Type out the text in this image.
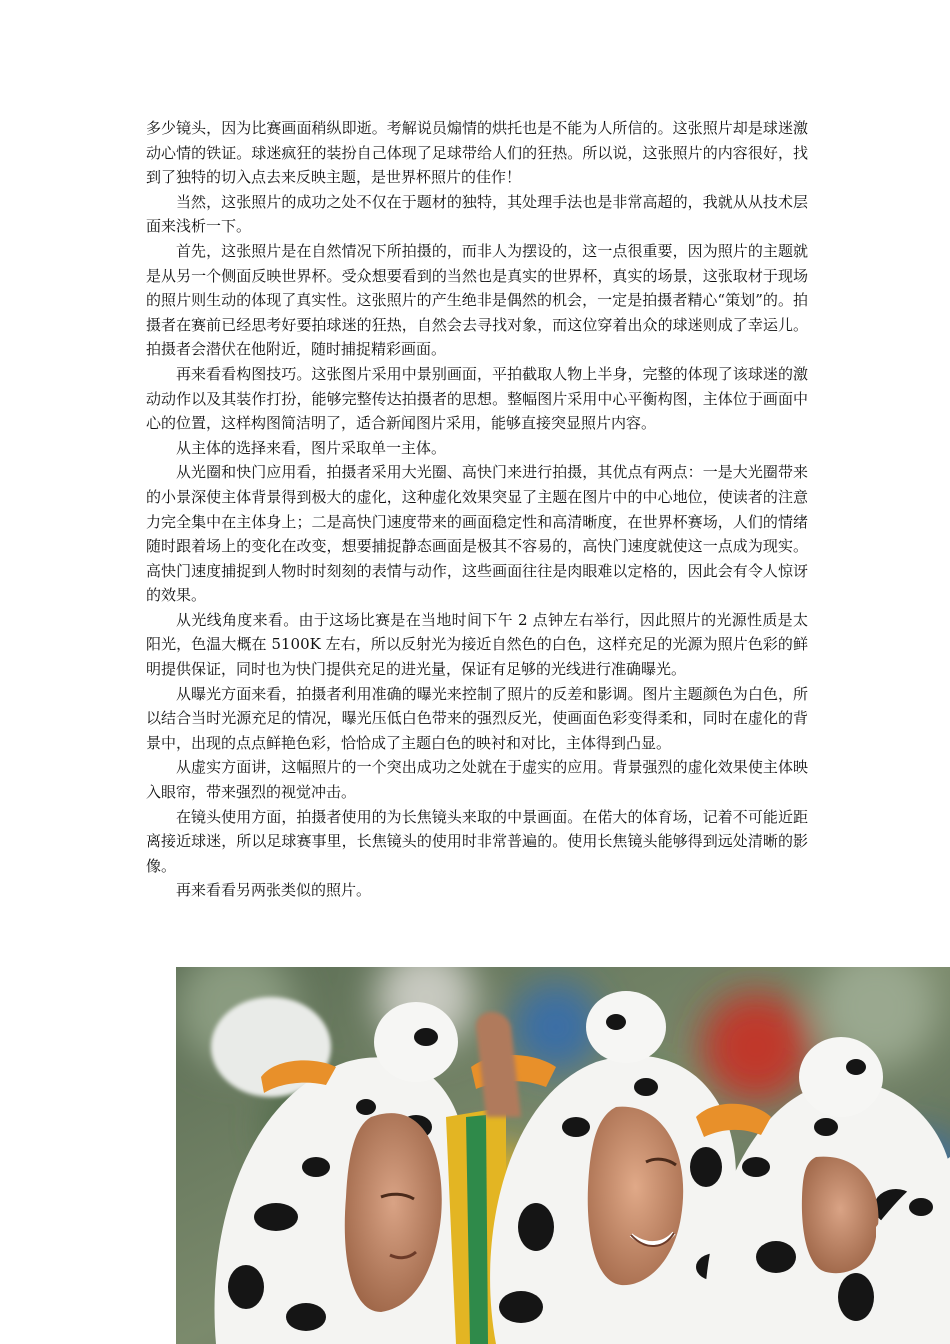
多少镜头，因为比赛画面稍纵即逝。考解说员煽情的烘托也是不能为人所信的。这张照片却是球迷激动心情的铁证。球迷疯狂的装扮自己体现了足球带给人们的狂热。所以说，这张照片的内容很好，找到了独特的切入点去来反映主题，是世界杯照片的佳作！

当然，这张照片的成功之处不仅在于题材的独特，其处理手法也是非常高超的，我就从从技术层面来浅析一下。

首先，这张照片是在自然情况下所拍摄的，而非人为摆设的，这一点很重要，因为照片的主题就是从另一个侧面反映世界杯。受众想要看到的当然也是真实的世界杯，真实的场景，这张取材于现场的照片则生动的体现了真实性。这张照片的产生绝非是偶然的机会，一定是拍摄者精心“策划”的。拍摄者在赛前已经思考好要拍球迷的狂热，自然会去寻找对象，而这位穿着出众的球迷则成了幸运儿。拍摄者会潜伏在他附近，随时捕捉精彩画面。

再来看看构图技巧。这张图片采用中景别画面，平拍截取人物上半身，完整的体现了该球迷的激动动作以及其装作打扮，能够完整传达拍摄者的思想。整幅图片采用中心平衡构图，主体位于画面中心的位置，这样构图简洁明了，适合新闻图片采用，能够直接突显照片内容。

从主体的选择来看，图片采取单一主体。

从光圈和快门应用看，拍摄者采用大光圈、高快门来进行拍摄，其优点有两点：一是大光圈带来的小景深使主体背景得到极大的虚化，这种虚化效果突显了主题在图片中的中心地位，使读者的注意力完全集中在主体身上；二是高快门速度带来的画面稳定性和高清晰度，在世界杯赛场，人们的情绪随时跟着场上的变化在改变，想要捕捉静态画面是极其不容易的，高快门速度就使这一点成为现实。高快门速度捕捉到人物时时刻刻的表情与动作，这些画面往往是肉眼难以定格的，因此会有令人惊讶的效果。

从光线角度来看。由于这场比赛是在当地时间下午 2 点钟左右举行，因此照片的光源性质是太阳光，色温大概在 5100K 左右，所以反射光为接近自然色的白色，这样充足的光源为照片色彩的鲜明提供保证，同时也为快门提供充足的进光量，保证有足够的光线进行准确曝光。

从曝光方面来看，拍摄者利用准确的曝光来控制了照片的反差和影调。图片主题颜色为白色，所以结合当时光源充足的情况，曝光压低白色带来的强烈反光，使画面色彩变得柔和，同时在虚化的背景中，出现的点点鲜艳色彩，恰恰成了主题白色的映衬和对比，主体得到凸显。

从虚实方面讲，这幅照片的一个突出成功之处就在于虚实的应用。背景强烈的虚化效果使主体映入眼帘，带来强烈的视觉冲击。

在镜头使用方面，拍摄者使用的为长焦镜头来取的中景画面。在偌大的体育场，记着不可能近距离接近球迷，所以足球赛事里，长焦镜头的使用时非常普遍的。使用长焦镜头能够得到远处清晰的影像。

再来看看另两张类似的照片。
